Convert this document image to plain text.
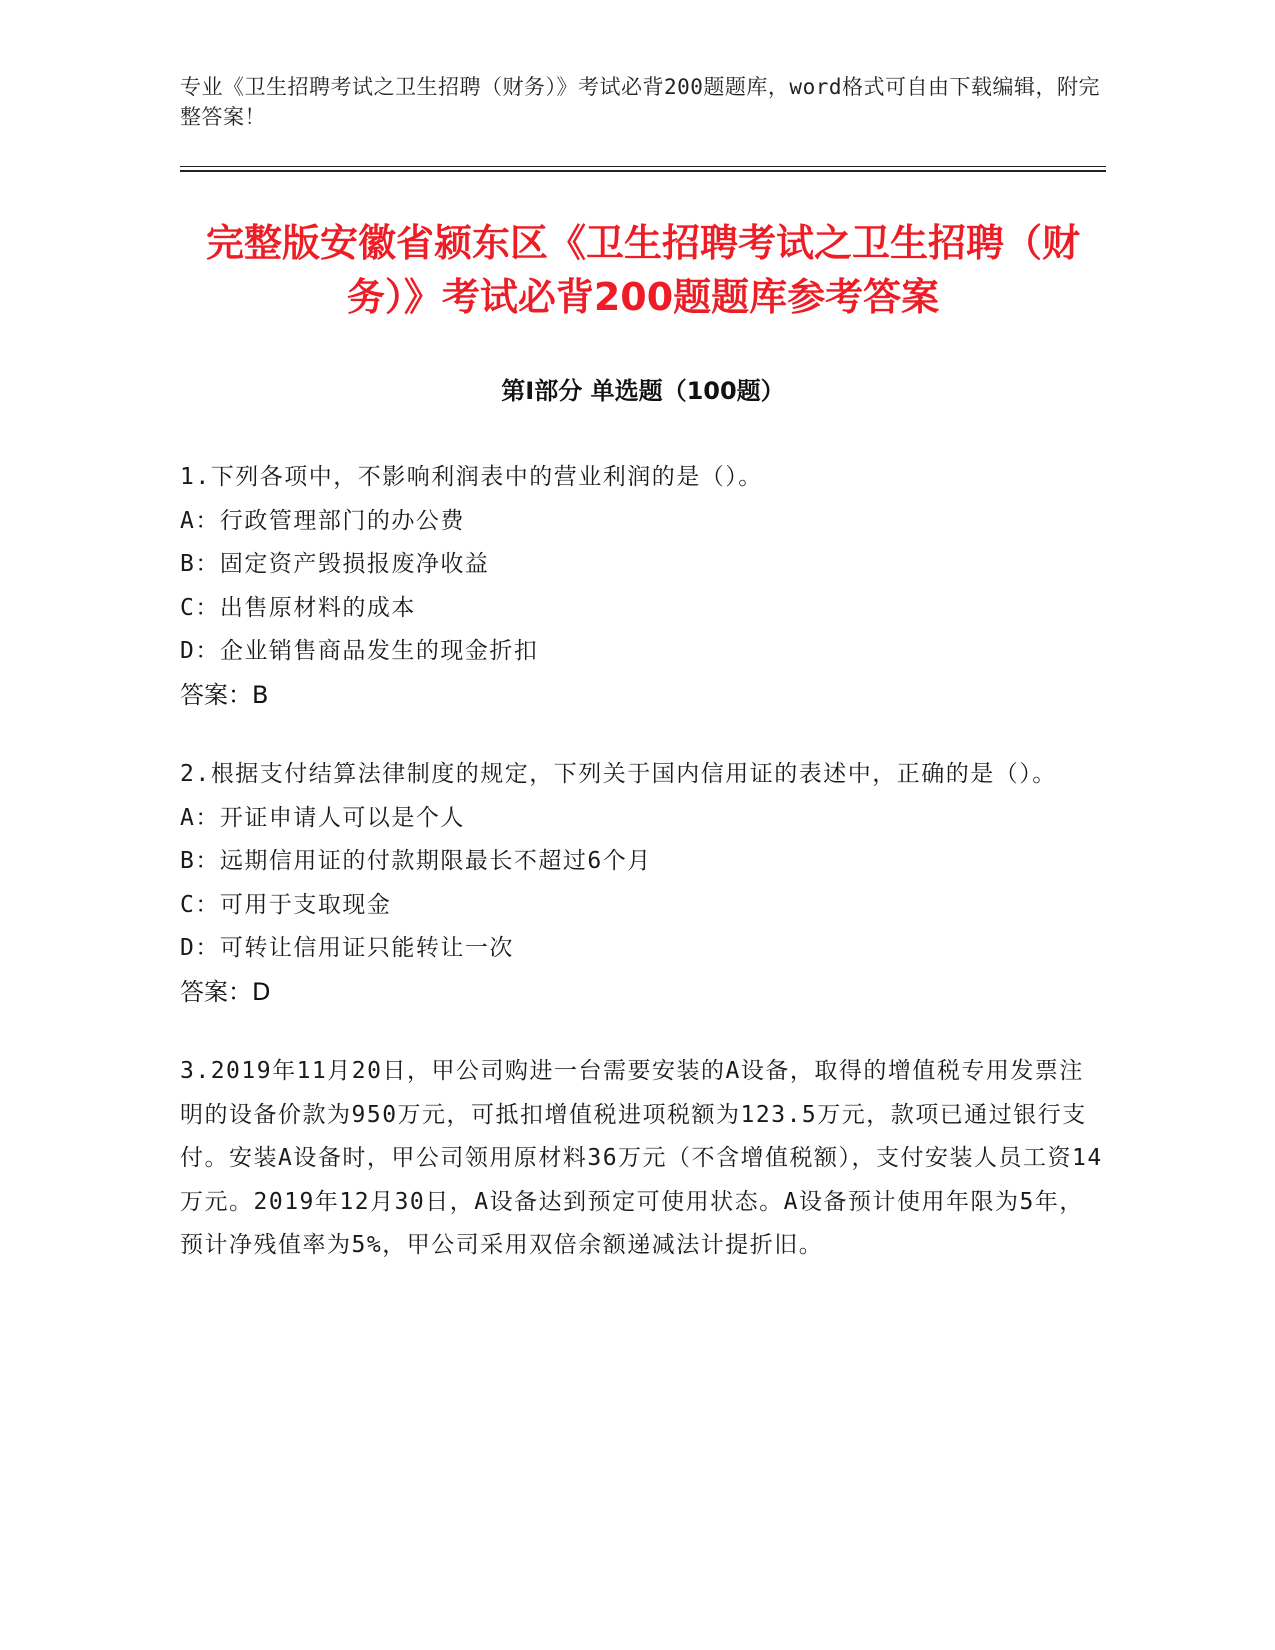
专业《卫生招聘考试之卫生招聘（财务）》考试必背200题题库，word格式可自由下载编辑，附完整答案！
完整版安徽省颍东区《卫生招聘考试之卫生招聘（财务）》考试必背200题题库参考答案
第Ⅰ部分 单选题（100题）
1.下列各项中，不影响利润表中的营业利润的是（）。
A：行政管理部门的办公费
B：固定资产毁损报废净收益
C：出售原材料的成本
D：企业销售商品发生的现金折扣
答案：B
2.根据支付结算法律制度的规定，下列关于国内信用证的表述中，正确的是（）。
A：开证申请人可以是个人
B：远期信用证的付款期限最长不超过6个月
C：可用于支取现金
D：可转让信用证只能转让一次
答案：D
3.2019年11月20日，甲公司购进一台需要安装的A设备，取得的增值税专用发票注明的设备价款为950万元，可抵扣增值税进项税额为123.5万元，款项已通过银行支付。安装A设备时，甲公司领用原材料36万元（不含增值税额），支付安装人员工资14万元。2019年12月30日，A设备达到预定可使用状态。A设备预计使用年限为5年，预计净残值率为5%，甲公司采用双倍余额递减法计提折旧。
